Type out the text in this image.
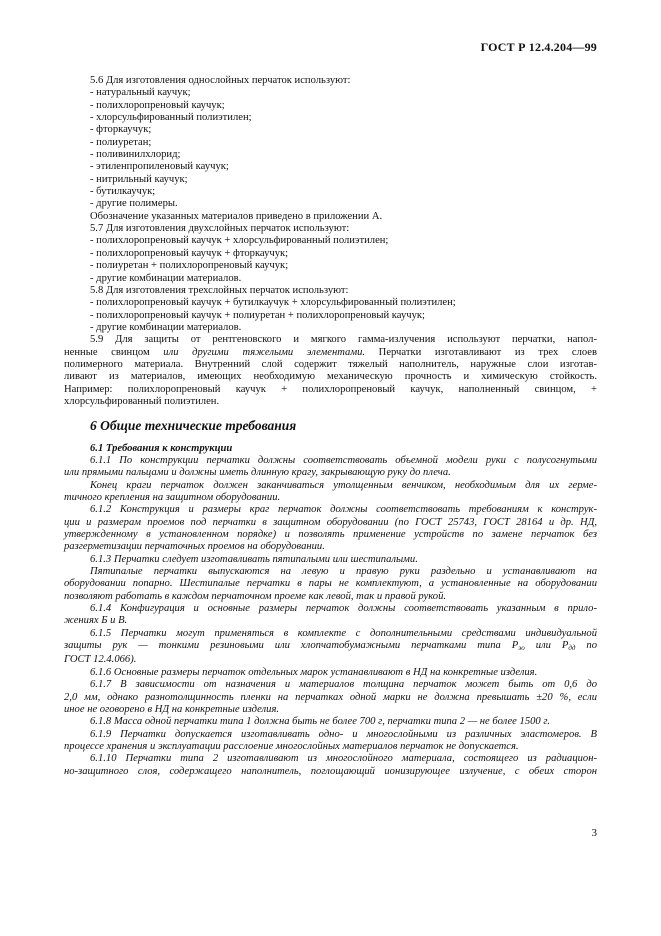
ГОСТ Р 12.4.204—99
5.6 Для изготовления однослойных перчаток используют:
- натуральный каучук;
- полихлоропреновый каучук;
- хлорсульфированный полиэтилен;
- фторкаучук;
- полиуретан;
- поливинилхлорид;
- этиленпропиленовый каучук;
- нитрильный каучук;
- бутилкаучук;
- другие полимеры.
Обозначение указанных материалов приведено в приложении А.
5.7 Для изготовления двухслойных перчаток используют:
- полихлоропреновый каучук + хлорсульфированный полиэтилен;
- полихлоропреновый каучук + фторкаучук;
- полиуретан + полихлоропреновый каучук;
- другие комбинации материалов.
5.8 Для изготовления трехслойных перчаток используют:
- полихлоропреновый каучук + бутилкаучук + хлорсульфированный полиэтилен;
- полихлоропреновый каучук + полиуретан + полихлоропреновый каучук;
- другие комбинации материалов.
5.9 Для защиты от рентгеновского и мягкого гамма-излучения используют перчатки, напол-
ненные свинцом или другими тяжелыми элементами. Перчатки изготавливают из трех слоев
полимерного материала. Внутренний слой содержит тяжелый наполнитель, наружные слои изготав-
ливают из материалов, имеющих необходимую механическую прочность и химическую стойкость.
Например: полихлоропреновый каучук + полихлоропреновый каучук, наполненный свинцом, +
хлорсульфированный полиэтилен.
6 Общие технические требования
6.1 Требования к конструкции
6.1.1 По конструкции перчатки должны соответствовать объемной модели руки с полусогнутыми
или прямыми пальцами и должны иметь длинную крагу, закрывающую руку до плеча.
Конец краги перчаток должен заканчиваться утолщенным венчиком, необходимым для их герме-
тичного крепления на защитном оборудовании.
6.1.2 Конструкция и размеры краг перчаток должны соответствовать требованиям к конструк-
ции и размерам проемов под перчатки в защитном оборудовании (по ГОСТ 25743, ГОСТ 28164 и др. НД,
утвержденному в установленном порядке) и позволять применение устройств по замене перчаток без
разгерметизации перчаточных проемов на оборудовании.
6.1.3 Перчатки следует изготавливать пятипалыми или шестипалыми.
Пятипалые перчатки выпускаются на левую и правую руки раздельно и устанавливают на
оборудовании попарно. Шестипалые перчатки в пары не комплектуют, а установленные на оборудовании
позволяют работать в каждом перчаточном проеме как левой, так и правой рукой.
6.1.4 Конфигурация и основные размеры перчаток должны соответствовать указанным в прило-
жениях Б и В.
6.1.5 Перчатки могут применяться в комплекте с дополнительными средствами индивидуальной
защиты рук — тонкими резиновыми или хлопчатобумажными перчатками типа $P_{эо}$ или $P_{дд}$ по
ГОСТ 12.4.066).
6.1.6 Основные размеры перчаток отдельных марок устанавливают в НД на конкретные изделия.
6.1.7 В зависимости от назначения и материалов толщина перчаток может быть от 0,6 до
2,0 мм, однако разнотолщинность пленки на перчатках одной марки не должна превышать ±20 %, если
иное не оговорено в НД на конкретные изделия.
6.1.8 Масса одной перчатки типа 1 должна быть не более 700 г, перчатки типа 2 — не более 1500 г.
6.1.9 Перчатки допускается изготавливать одно- и многослойными из различных эластомеров. В
процессе хранения и эксплуатации расслоение многослойных материалов перчаток не допускается.
6.1.10 Перчатки типа 2 изготавливают из многослойного материала, состоящего из радиацион-
но-защитного слоя, содержащего наполнитель, поглощающий ионизирующее излучение, с обеих сторон
3
